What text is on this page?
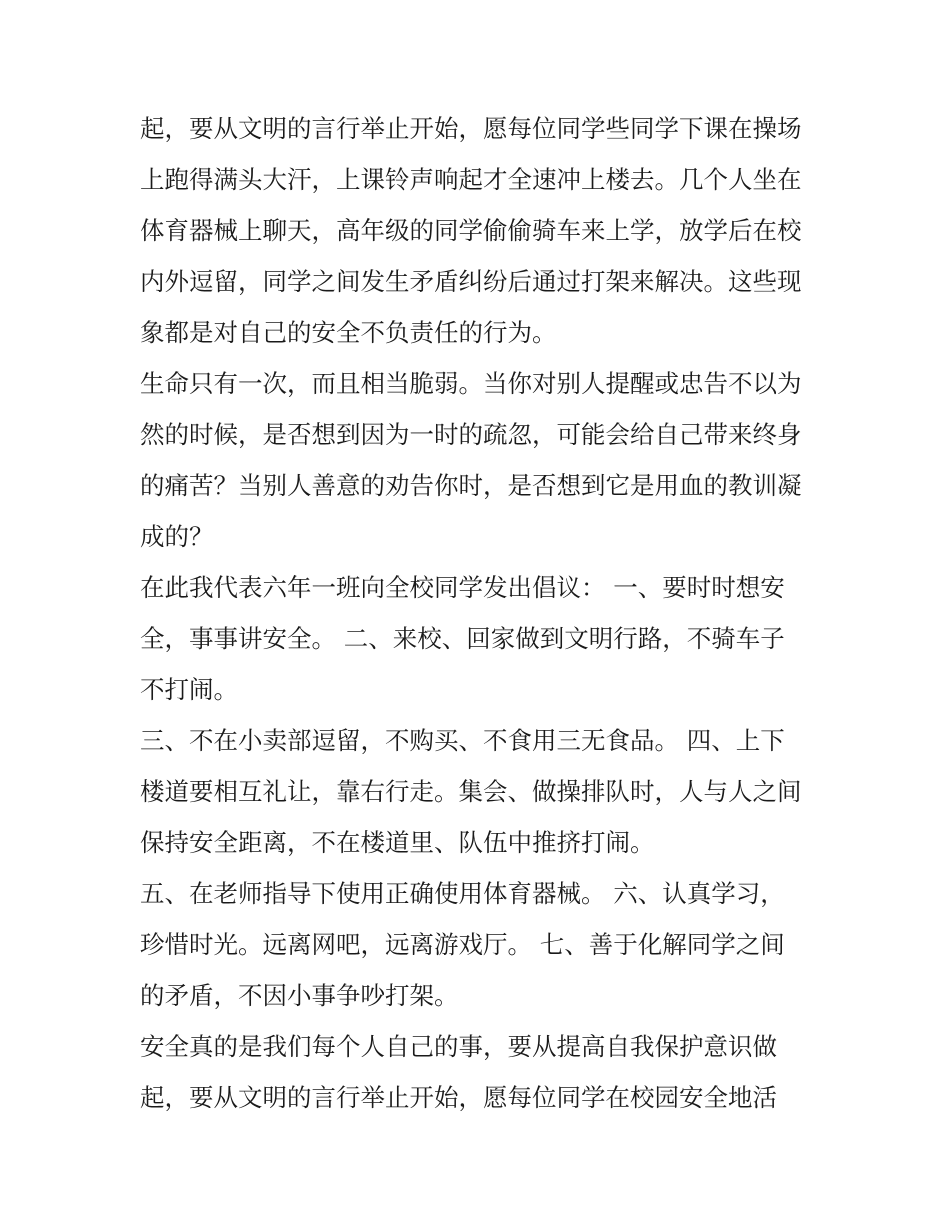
起，要从文明的言行举止开始，愿每位同学些同学下课在操场
上跑得满头大汗，上课铃声响起才全速冲上楼去。几个人坐在
体育器械上聊天，高年级的同学偷偷骑车来上学，放学后在校
内外逗留，同学之间发生矛盾纠纷后通过打架来解决。这些现
象都是对自己的安全不负责任的行为。
生命只有一次，而且相当脆弱。当你对别人提醒或忠告不以为
然的时候，是否想到因为一时的疏忽，可能会给自己带来终身
的痛苦？当别人善意的劝告你时，是否想到它是用血的教训凝
成的？
在此我代表六年一班向全校同学发出倡议： 一、要时时想安
全，事事讲安全。 二、来校、回家做到文明行路，不骑车子
不打闹。
三、不在小卖部逗留，不购买、不食用三无食品。 四、上下
楼道要相互礼让，靠右行走。集会、做操排队时，人与人之间
保持安全距离，不在楼道里、队伍中推挤打闹。
五、在老师指导下使用正确使用体育器械。 六、认真学习，
珍惜时光。远离网吧，远离游戏厅。 七、善于化解同学之间
的矛盾，不因小事争吵打架。
安全真的是我们每个人自己的事，要从提高自我保护意识做
起，要从文明的言行举止开始，愿每位同学在校园安全地活
